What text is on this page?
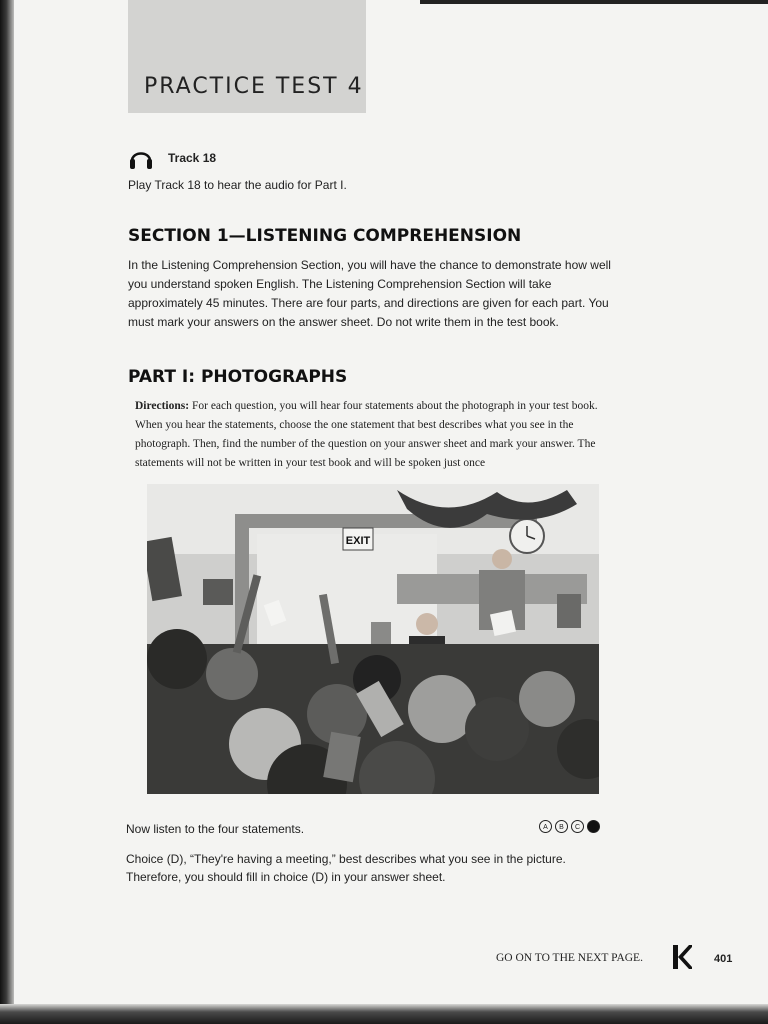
PRACTICE TEST 4
Track 18
Play Track 18 to hear the audio for Part I.
SECTION 1—LISTENING COMPREHENSION
In the Listening Comprehension Section, you will have the chance to demonstrate how well you understand spoken English. The Listening Comprehension Section will take approximately 45 minutes. There are four parts, and directions are given for each part. You must mark your answers on the answer sheet. Do not write them in the test book.
PART I: PHOTOGRAPHS
Directions: For each question, you will hear four statements about the photograph in your test book. When you hear the statements, choose the one statement that best describes what you see in the photograph. Then, find the number of the question on your answer sheet and mark your answer. The statements will not be written in your test book and will be spoken just once
EXIT
Now listen to the four statements.	A	B	C	D
Choice (D), “They're having a meeting,” best describes what you see in the picture.
Therefore, you should fill in choice (D) in your answer sheet.
GO ON TO THE NEXT PAGE.	401
